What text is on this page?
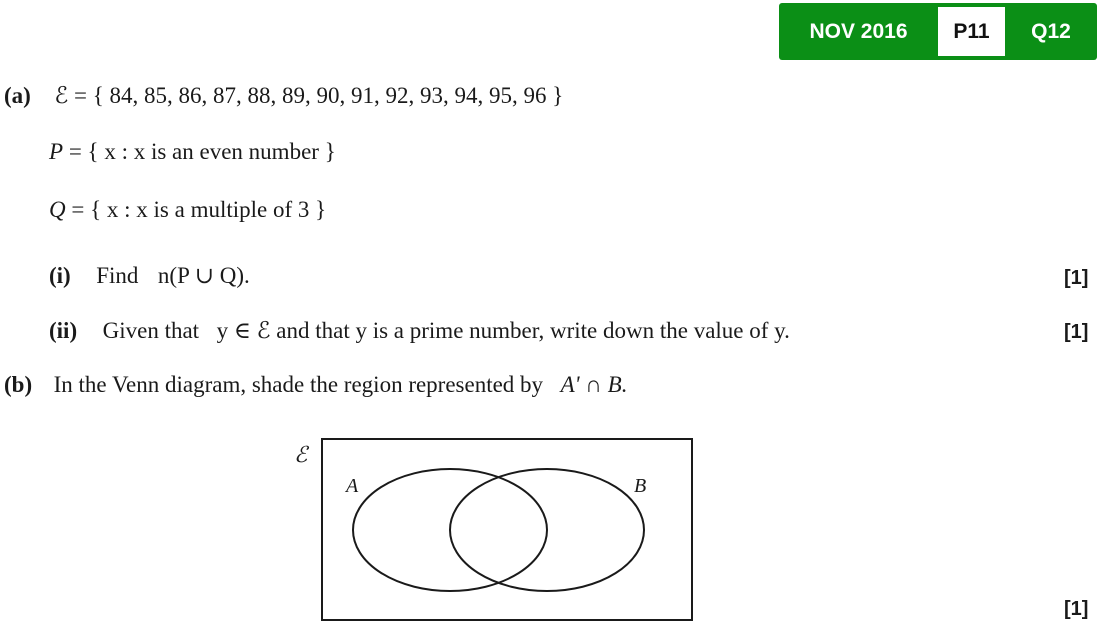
NOV 2016	P11	Q12
(a) ℰ = { 84, 85, 86, 87, 88, 89, 90, 91, 92, 93, 94, 95, 96 }
P = { x : x is an even number }
Q = { x : x is a multiple of 3 }
(i) Find n(P ∪ Q).	[1]
(ii) Given that y ∈ ℰ and that y is a prime number, write down the value of y.	[1]
(b) In the Venn diagram, shade the region represented by A' ∩ B.
ℰ
A	B
[1]
